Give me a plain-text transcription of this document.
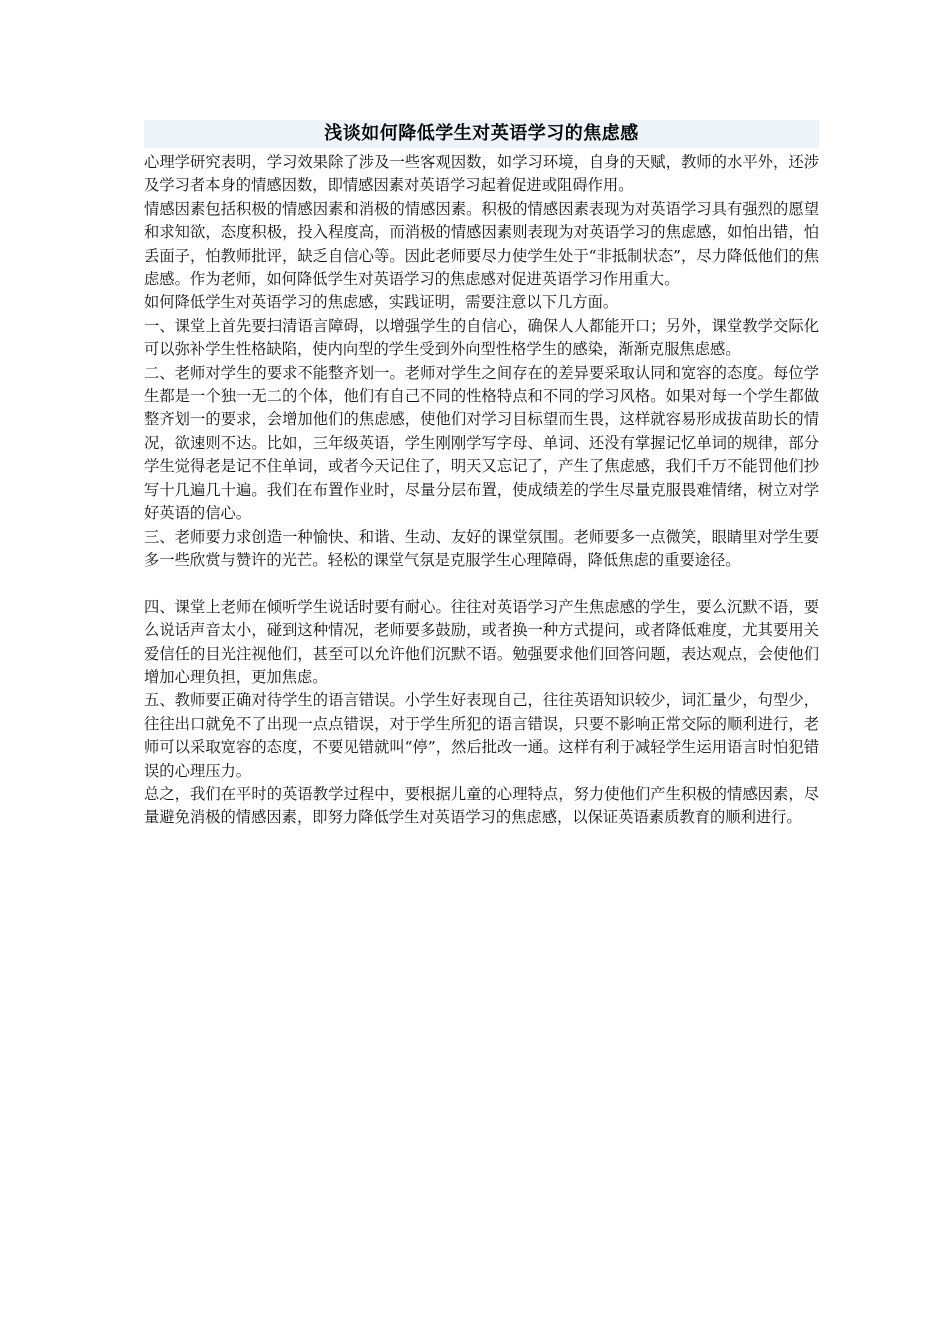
浅谈如何降低学生对英语学习的焦虑感

心理学研究表明，学习效果除了涉及一些客观因数，如学习环境，自身的天赋，教师的水平外，还涉及学习者本身的情感因数，即情感因素对英语学习起着促进或阻碍作用。

情感因素包括积极的情感因素和消极的情感因素。积极的情感因素表现为对英语学习具有强烈的愿望和求知欲，态度积极，投入程度高，而消极的情感因素则表现为对英语学习的焦虑感，如怕出错，怕丢面子，怕教师批评，缺乏自信心等。因此老师要尽力使学生处于“非抵制状态”，尽力降低他们的焦虑感。作为老师，如何降低学生对英语学习的焦虑感对促进英语学习作用重大。

如何降低学生对英语学习的焦虑感，实践证明，需要注意以下几方面。

一、课堂上首先要扫清语言障碍，以增强学生的自信心，确保人人都能开口；另外，课堂教学交际化可以弥补学生性格缺陷，使内向型的学生受到外向型性格学生的感染，渐渐克服焦虑感。

二、老师对学生的要求不能整齐划一。老师对学生之间存在的差异要采取认同和宽容的态度。每位学生都是一个独一无二的个体，他们有自己不同的性格特点和不同的学习风格。如果对每一个学生都做整齐划一的要求，会增加他们的焦虑感，使他们对学习目标望而生畏，这样就容易形成拔苗助长的情况，欲速则不达。比如，三年级英语，学生刚刚学写字母、单词、还没有掌握记忆单词的规律，部分学生觉得老是记不住单词，或者今天记住了，明天又忘记了，产生了焦虑感，我们千万不能罚他们抄写十几遍几十遍。我们在布置作业时，尽量分层布置，使成绩差的学生尽量克服畏难情绪，树立对学好英语的信心。

三、老师要力求创造一种愉快、和谐、生动、友好的课堂氛围。老师要多一点微笑，眼睛里对学生要多一些欣赏与赞许的光芒。轻松的课堂气氛是克服学生心理障碍，降低焦虑的重要途径。

四、课堂上老师在倾听学生说话时要有耐心。往往对英语学习产生焦虑感的学生，要么沉默不语，要么说话声音太小，碰到这种情况，老师要多鼓励，或者换一种方式提问，或者降低难度，尤其要用关爱信任的目光注视他们，甚至可以允许他们沉默不语。勉强要求他们回答问题，表达观点，会使他们增加心理负担，更加焦虑。

五、教师要正确对待学生的语言错误。小学生好表现自己，往往英语知识较少，词汇量少，句型少，往往出口就免不了出现一点点错误，对于学生所犯的语言错误，只要不影响正常交际的顺利进行，老师可以采取宽容的态度，不要见错就叫“停”，然后批改一通。这样有利于减轻学生运用语言时怕犯错误的心理压力。

总之，我们在平时的英语教学过程中，要根据儿童的心理特点，努力使他们产生积极的情感因素，尽量避免消极的情感因素，即努力降低学生对英语学习的焦虑感，以保证英语素质教育的顺利进行。
